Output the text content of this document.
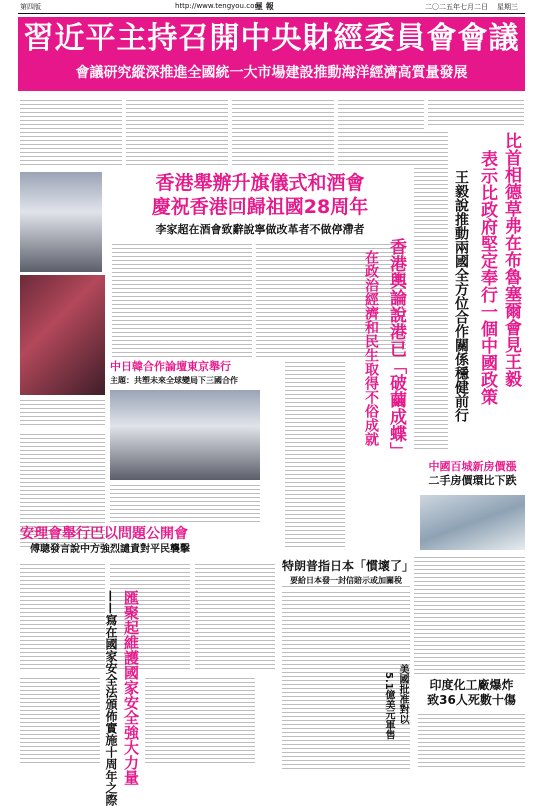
第四版	http://www.tengyou.com
星 報	二〇二五年七月二日 星期三
習近平主持召開中央財經委員會會議
會議研究縱深推進全國統一大市場建設推動海洋經濟高質量發展
香港舉辦升旗儀式和酒會
慶祝香港回歸祖國28周年
李家超在酒會致辭說寧做改革者不做停滯者
中日韓合作論壇東京舉行
主題：共塑未來全球變局下三國合作
安理會舉行巴以問題公開會
傅聰發言說中方強烈譴責對平民襲擊
匯聚起維護國家安全強大力量
——寫在國家安全法頒佈實施十周年之際
香港輿論說港已「破繭成蝶」
在政治經濟和民生取得不俗成就	比首相德草弗在布魯塞爾會見王毅
表示比政府堅定奉行一個中國政策
王毅說推動兩國全方位合作關係穩健前行
中國百城新房價漲
二手房價環比下跌
特朗普指日本「慣壞了」
要給日本發一封信賠示或加關稅
美國批准對以
5.1億美元軍售	印度化工廠爆炸
致36人死數十傷
